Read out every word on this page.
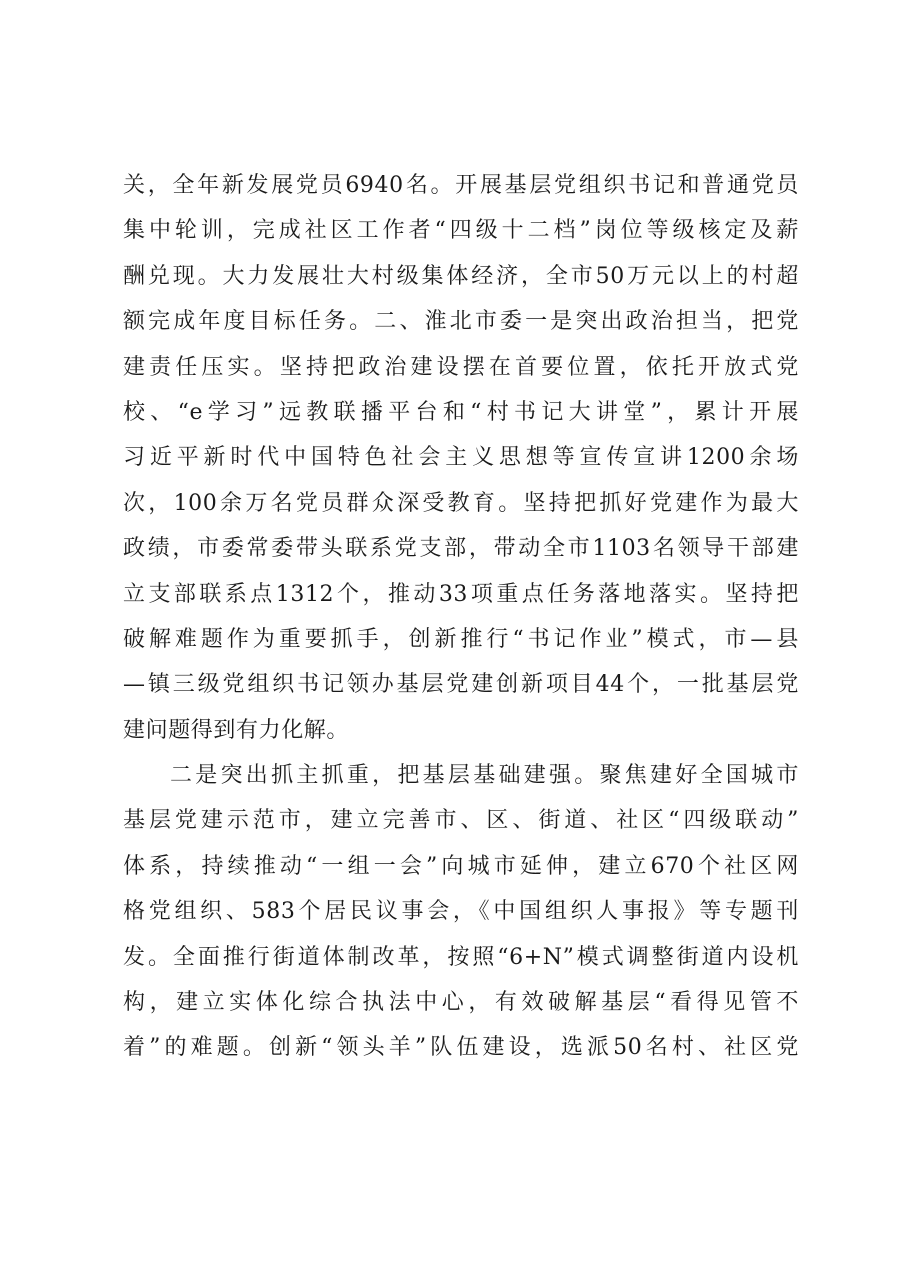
关，全年新发展党员6940名。开展基层党组织书记和普通党员
集中轮训，完成社区工作者“四级十二档”岗位等级核定及薪
酬兑现。大力发展壮大村级集体经济，全市50万元以上的村超
额完成年度目标任务。二、淮北市委一是突出政治担当，把党
建责任压实。坚持把政治建设摆在首要位置，依托开放式党
校、“e学习”远教联播平台和“村书记大讲堂”，累计开展
习近平新时代中国特色社会主义思想等宣传宣讲1200余场
次，100余万名党员群众深受教育。坚持把抓好党建作为最大
政绩，市委常委带头联系党支部，带动全市1103名领导干部建
立支部联系点1312个，推动33项重点任务落地落实。坚持把
破解难题作为重要抓手，创新推行“书记作业”模式，市—县
—镇三级党组织书记领办基层党建创新项目44个，一批基层党
建问题得到有力化解。
二是突出抓主抓重，把基层基础建强。聚焦建好全国城市
基层党建示范市，建立完善市、区、街道、社区“四级联动”
体系，持续推动“一组一会”向城市延伸，建立670个社区网
格党组织、583个居民议事会，《中国组织人事报》等专题刊
发。全面推行街道体制改革，按照“6+N”模式调整街道内设机
构，建立实体化综合执法中心，有效破解基层“看得见管不
着”的难题。创新“领头羊”队伍建设，选派50名村、社区党
